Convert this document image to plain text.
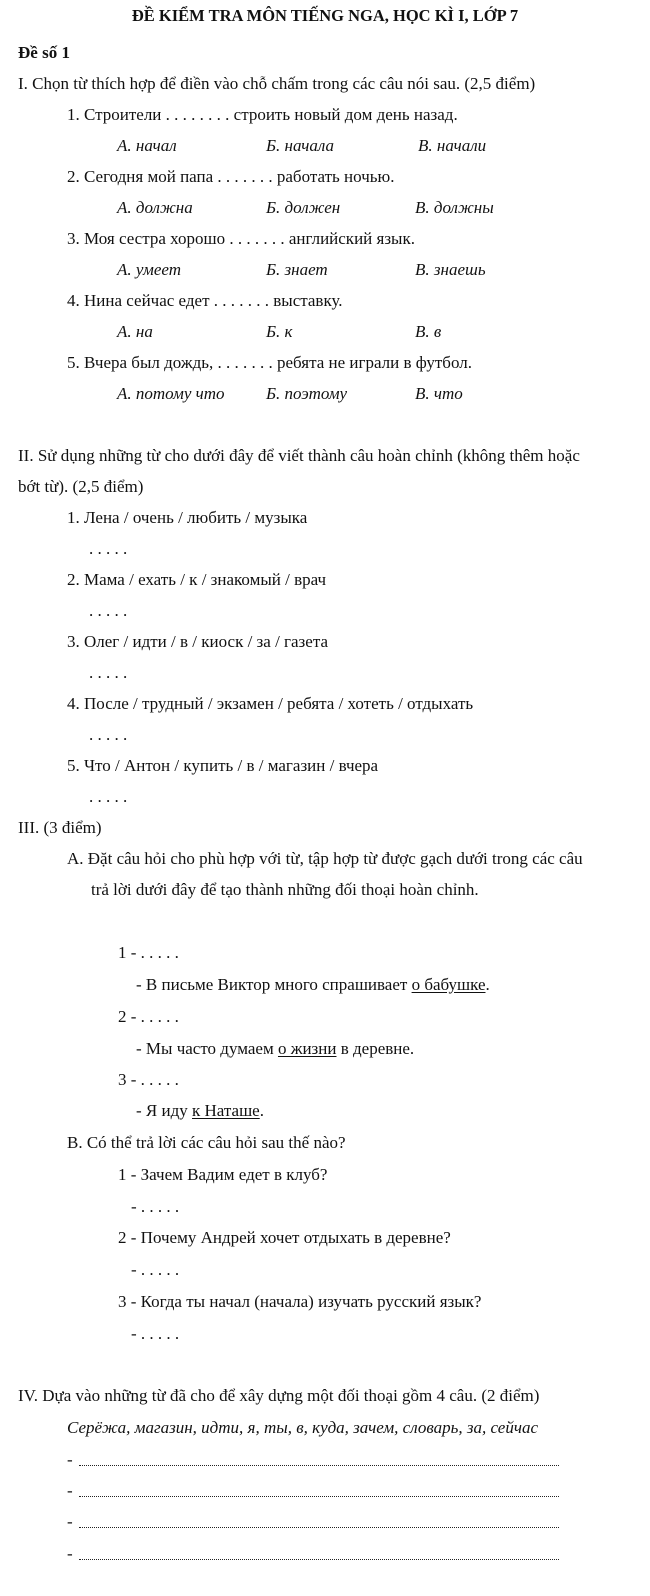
ĐỀ KIỂM TRA MÔN TIẾNG NGA, HỌC KÌ I, LỚP 7
Đề số 1
I. Chọn từ thích hợp để điền vào chỗ chấm trong các câu nói sau. (2,5 điểm)
1. Строители . . . . . . . . строить новый дом день назад.
А. начал	Б. начала	В. начали
2. Сегодня мой папа . . . . . . . работать ночью.
А. должна	Б. должен	В. должны
3. Моя сестра хорошо . . . . . . . английский язык.
А. умеет	Б. знает	В. знаешь
4. Нина сейчас едет . . . . . . . выставку.
А. на	Б. к	В. в
5. Вчера был дождь, . . . . . . . ребята не играли в футбол.
А. потому что Б. поэтому	В. что
II. Sử dụng những từ cho dưới đây để viết thành câu hoàn chỉnh (không thêm hoặc
bớt từ). (2,5 điểm)
1. Лена / очень / любить / музыка
. . . . .
2. Мама / ехать / к / знакомый / врач
. . . . .
3. Олег / идти / в / киоск / за / газета
. . . . .
4. После / трудный / экзамен / ребята / хотеть / отдыхать
. . . . .
5. Что / Антон / купить / в / магазин / вчера
. . . . .
III. (3 điểm)
A. Đặt câu hỏi cho phù hợp với từ, tập hợp từ được gạch dưới trong các câu
trả lời dưới đây để tạo thành những đối thoại hoàn chỉnh.
1 - . . . . .
- В письме Виктор много спрашивает о бабушке.
2 - . . . . .
- Мы часто думаем о жизни в деревне.
3 - . . . . .
- Я иду к Наташе.
B. Có thể trả lời các câu hỏi sau thế nào?
1 - Зачем Вадим едет в клуб?
- . . . . .
2 - Почему Андрей хочет отдыхать в деревне?
- . . . . .
3 - Когда ты начал (начала) изучать русский язык?
- . . . . .
IV. Dựa vào những từ đã cho để xây dựng một đối thoại gồm 4 câu. (2 điểm)
Серёжа, магазин, идти, я, ты, в, куда, зачем, словарь, за, сейчас
-
-
-
-
